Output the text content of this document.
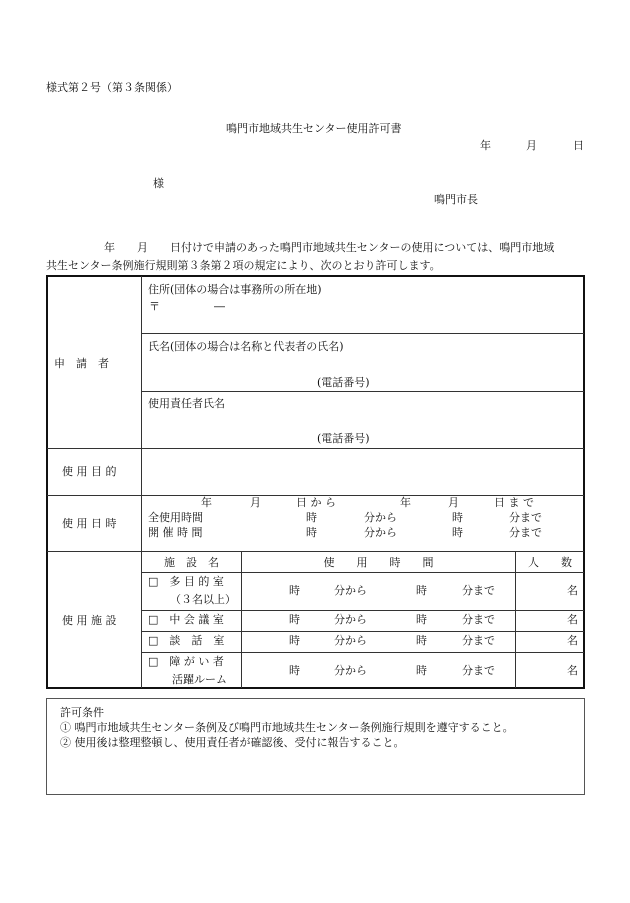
様式第２号（第３条関係）
鳴門市地域共生センター使用許可書
年	月	日
様
鳴門市長
年　　月　　日付けで申請のあった鳴門市地域共生センターの使用については、鳴門市地域
共生センター条例施行規則第３条第２項の規定により、次のとおり許可します。
申　請　者
住所(団体の場合は事務所の所在地)
〒	―
氏名(団体の場合は名称と代表者の氏名)
(電話番号)
使用責任者氏名
(電話番号)
使 用 目 的
使 用 日 時
年	月	日 か ら	年	月	日 ま で
全使用時間	時	分から	時	分まで
開 催 時 間	時	分から	時	分まで
使 用 施 設
施　設　名	使　　用　　時　　間	人　　数
□　多 目 的 室
（３名以上）
時	分から	時	分まで	名
□　中 会 議 室	時	分から	時	分まで	名
□　談　話　室	時	分から	時	分まで	名
□　障 が い 者
活躍ルーム
時	分から	時	分まで	名
許可条件
① 鳴門市地域共生センター条例及び鳴門市地域共生センター条例施行規則を遵守すること。
② 使用後は整理整頓し、使用責任者が確認後、受付に報告すること。
